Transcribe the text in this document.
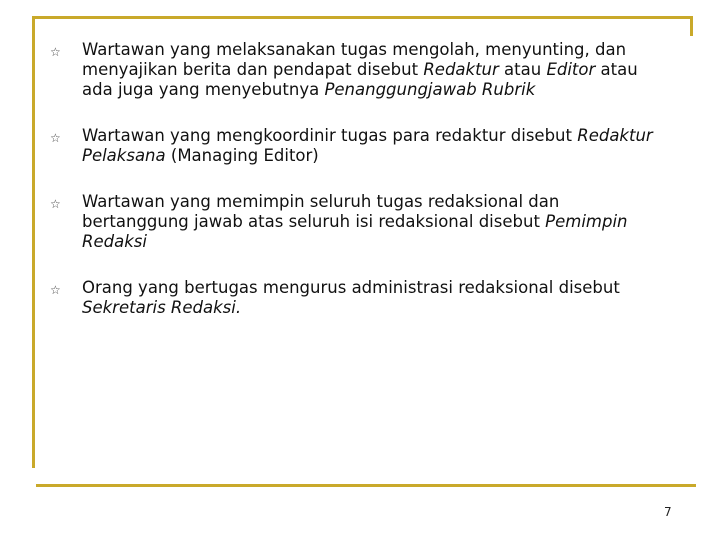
☆ Wartawan yang melaksanakan tugas mengolah, menyunting, dan menyajikan berita dan pendapat disebut Redaktur atau Editor atau ada juga yang menyebutnya Penanggungjawab Rubrik
☆ Wartawan yang mengkoordinir tugas para redaktur disebut Redaktur Pelaksana (Managing Editor)
☆ Wartawan yang memimpin seluruh tugas redaksional dan bertanggung jawab atas seluruh isi redaksional disebut Pemimpin Redaksi
☆ Orang yang bertugas mengurus administrasi redaksional disebut Sekretaris Redaksi.
7
